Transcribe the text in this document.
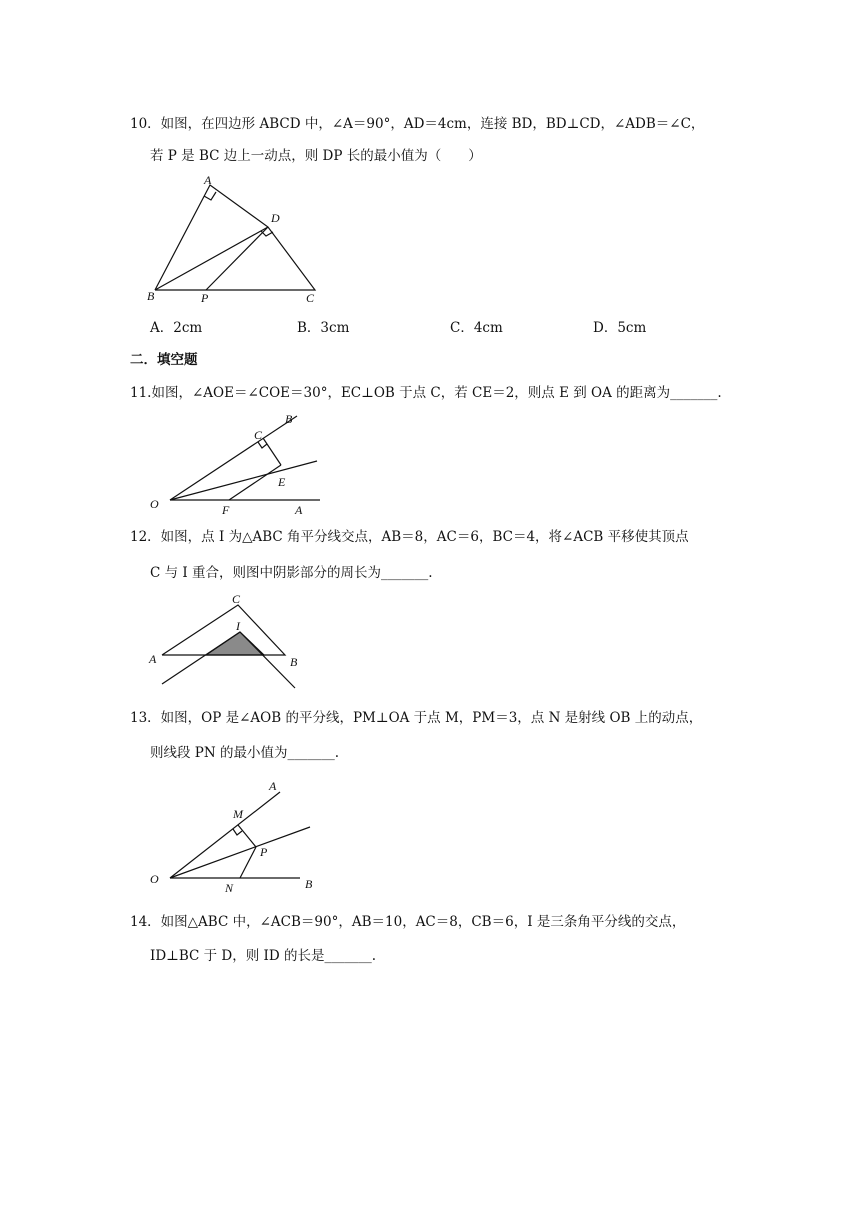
10．如图，在四边形 ABCD 中，∠A＝90°，AD＝4cm，连接 BD，BD⊥CD，∠ADB＝∠C，
若 P 是 BC 边上一动点，则 DP 长的最小值为（　　）
A
D
B	P	C
A．2cm	B．3cm	C．4cm	D．5cm
二．填空题
11.如图，∠AOE＝∠COE＝30°，EC⊥OB 于点 C，若 CE＝2，则点 E 到 OA 的距离为_______.
B
C
E
O	F	A
12．如图，点 I 为△ABC 角平分线交点，AB＝8，AC＝6，BC＝4，将∠ACB 平移使其顶点
C 与 I 重合，则图中阴影部分的周长为_______.
C
I
A	B
13．如图，OP 是∠AOB 的平分线，PM⊥OA 于点 M，PM＝3，点 N 是射线 OB 上的动点，
则线段 PN 的最小值为_______.
A
M
P
O
N	B
14．如图△ABC 中，∠ACB＝90°，AB＝10，AC＝8，CB＝6，I 是三条角平分线的交点，
ID⊥BC 于 D，则 ID 的长是_______.
